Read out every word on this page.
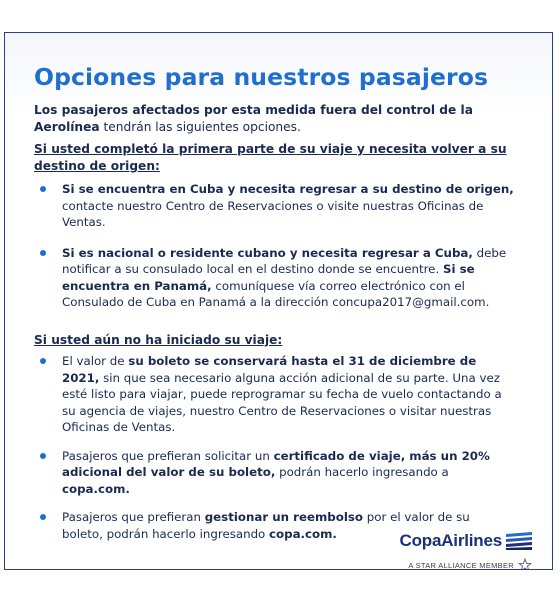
Opciones para nuestros pasajeros
Los pasajeros afectados por esta medida fuera del control de la Aerolínea tendrán las siguientes opciones.
Si usted completó la primera parte de su viaje y necesita volver a su destino de origen:
Si se encuentra en Cuba y necesita regresar a su destino de origen, contacte nuestro Centro de Reservaciones o visite nuestras Oficinas de Ventas.
Si es nacional o residente cubano y necesita regresar a Cuba, debe notificar a su consulado local en el destino donde se encuentre. Si se encuentra en Panamá, comuníquese vía correo electrónico con el Consulado de Cuba en Panamá a la dirección concupa2017@gmail.com.
Si usted aún no ha iniciado su viaje:
El valor de su boleto se conservará hasta el 31 de diciembre de 2021, sin que sea necesario alguna acción adicional de su parte. Una vez esté listo para viajar, puede reprogramar su fecha de vuelo contactando a su agencia de viajes, nuestro Centro de Reservaciones o visitar nuestras Oficinas de Ventas.
Pasajeros que prefieran solicitar un certificado de viaje, más un 20% adicional del valor de su boleto, podrán hacerlo ingresando a copa.com.
Pasajeros que prefieran gestionar un reembolso por el valor de su boleto, podrán hacerlo ingresando copa.com.	CopaAirlines
A STAR ALLIANCE MEMBER
